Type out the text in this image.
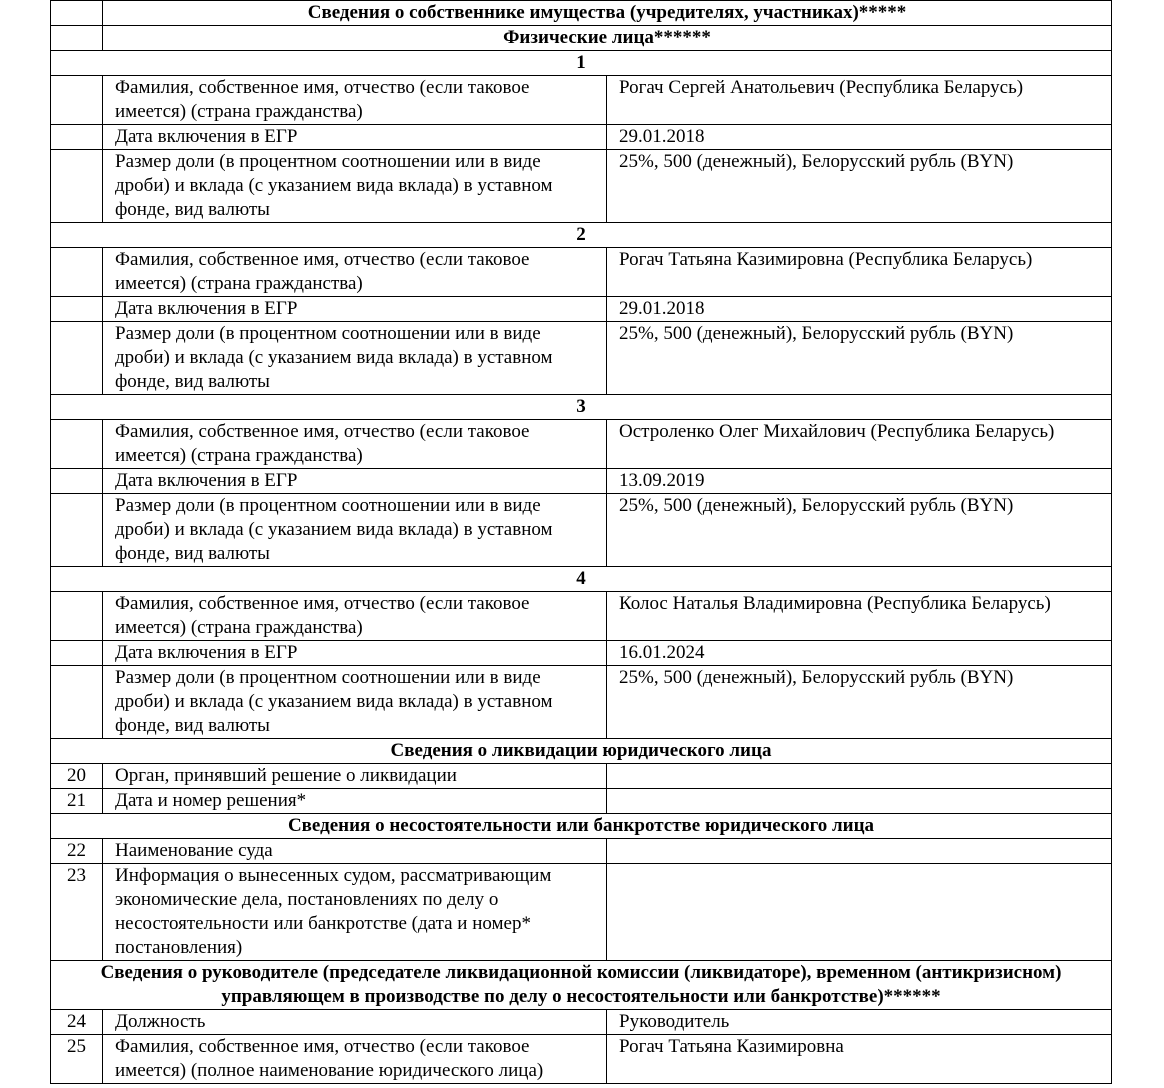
	Сведения о собственнике имущества (учредителях, участниках)*****	
	Физические лица******	
1		
	Фамилия, собственное имя, отчество (если таковое имеется) (страна гражданства)	Рогач Сергей Анатольевич (Республика Беларусь)
	Дата включения в ЕГР	29.01.2018
	Размер доли (в процентном соотношении или в виде дроби) и вклада (с указанием вида вклада) в уставном фонде, вид валюты	25%, 500 (денежный), Белорусский рубль (BYN)
2		
	Фамилия, собственное имя, отчество (если таковое имеется) (страна гражданства)	Рогач Татьяна Казимировна (Республика Беларусь)
	Дата включения в ЕГР	29.01.2018
	Размер доли (в процентном соотношении или в виде дроби) и вклада (с указанием вида вклада) в уставном фонде, вид валюты	25%, 500 (денежный), Белорусский рубль (BYN)
3		
	Фамилия, собственное имя, отчество (если таковое имеется) (страна гражданства)	Остроленко Олег Михайлович (Республика Беларусь)
	Дата включения в ЕГР	13.09.2019
	Размер доли (в процентном соотношении или в виде дроби) и вклада (с указанием вида вклада) в уставном фонде, вид валюты	25%, 500 (денежный), Белорусский рубль (BYN)
4		
	Фамилия, собственное имя, отчество (если таковое имеется) (страна гражданства)	Колос Наталья Владимировна (Республика Беларусь)
	Дата включения в ЕГР	16.01.2024
	Размер доли (в процентном соотношении или в виде дроби) и вклада (с указанием вида вклада) в уставном фонде, вид валюты	25%, 500 (денежный), Белорусский рубль (BYN)
Сведения о ликвидации юридического лица		
20	Орган, принявший решение о ликвидации	
21	Дата и номер решения*	
Сведения о несостоятельности или банкротстве юридического лица		
22	Наименование суда	
23	Информация о вынесенных судом, рассматривающим экономические дела, постановлениях по делу о несостоятельности или банкротстве (дата и номер* постановления)	
Сведения о руководителе (председателе ликвидационной комиссии (ликвидаторе), временном (антикризисном) управляющем в производстве по делу о несостоятельности или банкротстве)******		
24	Должность	Руководитель
25	Фамилия, собственное имя, отчество (если таковое имеется) (полное наименование юридического лица)	Рогач Татьяна Казимировна
